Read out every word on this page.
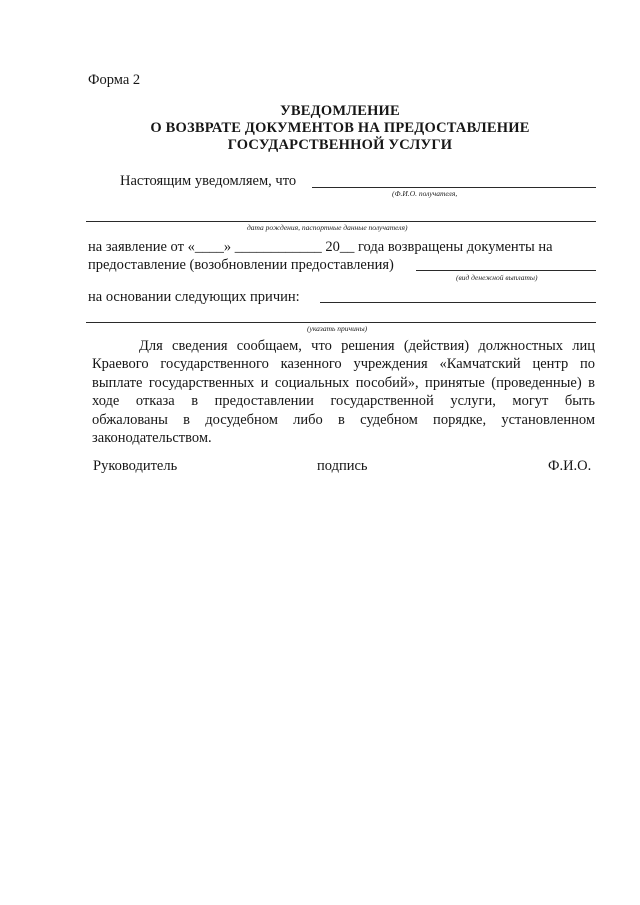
Форма 2
УВЕДОМЛЕНИЕ
О ВОЗВРАТЕ ДОКУМЕНТОВ НА ПРЕДОСТАВЛЕНИЕ
ГОСУДАРСТВЕННОЙ УСЛУГИ
Настоящим уведомляем, что
(Ф.И.О. получателя,
дата рождения, паспортные данные получателя)
на заявление от «____» ____________ 20__ года возвращены документы на
предоставление (возобновлении предоставления)
(вид денежной выплаты)
на основании следующих причин:
(указать причины)
Для сведения сообщаем, что решения (действия) должностных лиц
Краевого государственного казенного учреждения «Камчатский центр по
выплате государственных и социальных пособий», принятые (проведенные) в
ходе отказа в предоставлении государственной услуги, могут быть
обжалованы в досудебном либо в судебном порядке, установленном
законодательством.
Руководитель	подпись	Ф.И.О.
